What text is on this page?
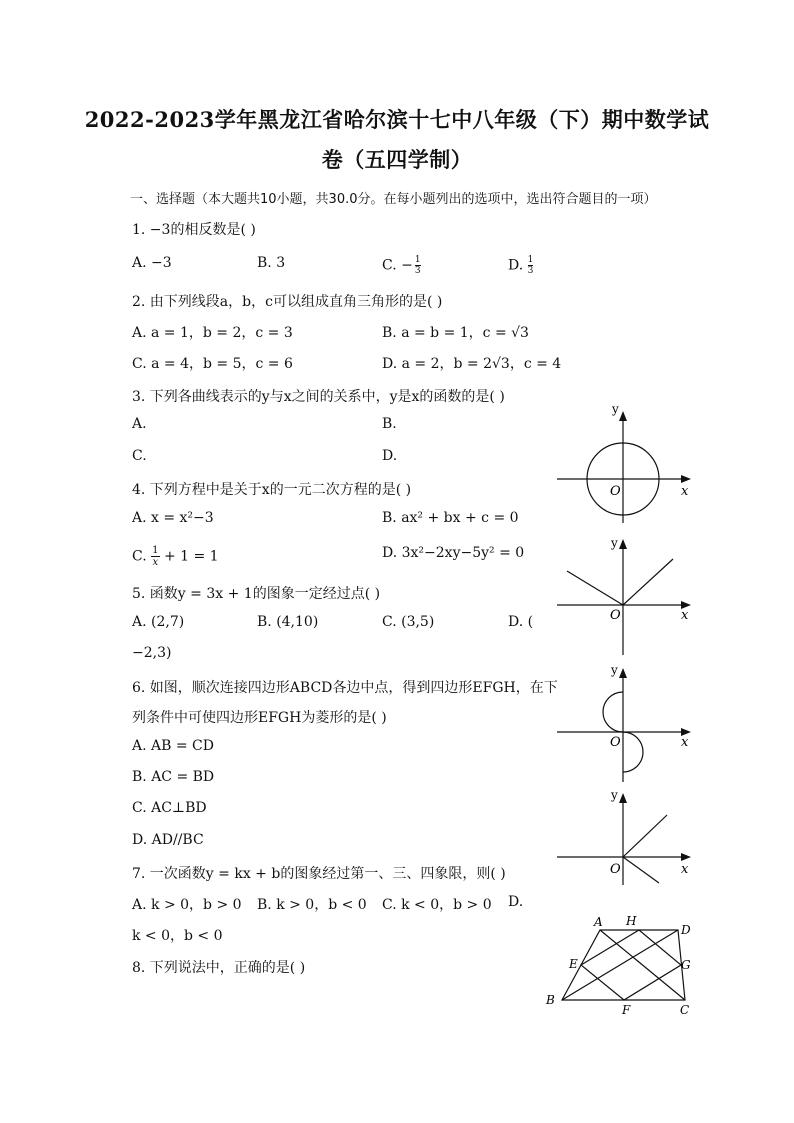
2022-2023学年黑龙江省哈尔滨十七中八年级（下）期中数学试
卷（五四学制）
一、选择题（本大题共10小题，共30.0分。在每小题列出的选项中，选出符合题目的一项）
1. −3的相反数是( )
A. −3	B. 3	C. − $\frac{1}{3}$	D. $\frac{1}{3}$
2. 由下列线段a，b，c可以组成直角三角形的是( )
A. a = 1，b = 2，c = 3	B. a = b = 1，c = √3
C. a = 4，b = 5，c = 6	D. a = 2，b = 2√3，c = 4
3. 下列各曲线表示的y与x之间的关系中，y是x的函数的是( )
A.	B.
C.	D.
4. 下列方程中是关于x的一元二次方程的是( )
A. x = x²−3	B. ax² + bx + c = 0
C. $\frac{1}{x} + 1 = 1$	D. 3x²−2xy−5y² = 0
5. 函数y = 3x + 1的图象一定经过点( )
A. (2,7)	B. (4,10)	C. (3,5)	D. (
−2,3)
6. 如图，顺次连接四边形ABCD各边中点，得到四边形EFGH，在下
列条件中可使四边形EFGH为菱形的是( )
A. AB = CD
B. AC = BD
C. AC⊥BD
D. AD//BC
7. 一次函数y = kx + b的图象经过第一、三、四象限，则( )
A. k > 0，b > 0 B. k > 0，b < 0 C. k < 0，b > 0 D.
k < 0，b < 0
8. 下列说法中，正确的是( )
y
x
O
y
x
O
y
x
O
y
x
O
A
B
C
D
E
F
G
H
